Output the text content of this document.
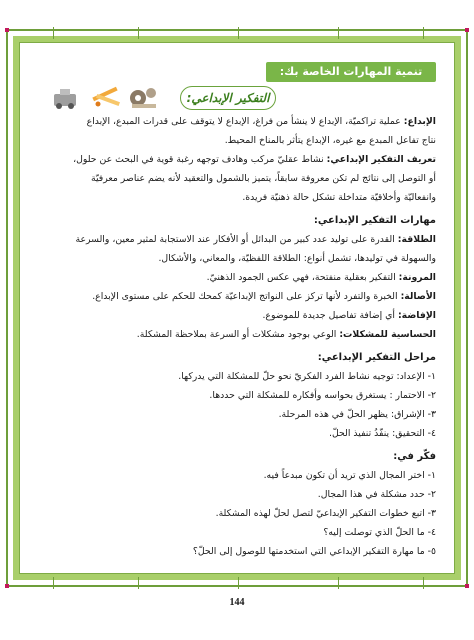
تنمية المهارات الخاصة بك:
التفكير الإبداعي:

الإبداع: عملية تراكميّة، الإبداع لا ينشأ من فراغ، الإبداع لا يتوقف على قدرات المبدع، الإبداع

نتاج تفاعل المبدع مع غيره، الإبداع يتأثر بالمناخ المحيط.

تعريف التفكير الإبداعي: نشاط عقليّ مركب وهادف توجهه رغبة قوية في البحث عن حلول،

أو التوصل إلى نتائج لم تكن معروفة سابقاً، يتميز بالشمول والتعقيد لأنه يضم عناصر معرفيّة

وانفعاليّة وأخلاقيّة متداخلة تشكل حالة ذهنيّة فريدة.

مهارات التفكير الإبداعي:

الطلاقة: القدرة على توليد عدد كبير من البدائل أو الأفكار عند الاستجابة لمثير معين، والسرعة

والسهولة في توليدها، تشمل أنواع: الطلاقة اللفظيّة، والمعاني، والأشكال.

المرونة: التفكير بعقلية منفتحة، فهي عكس الجمود الذهنيّ.

الأصالة: الخبرة والتفرد لأنها تركز على النواتج الإبداعيّة كمحك للحكم على مستوى الإبداع.

الإفاضة: أي إضافة تفاصيل جديدة للموضوع.

الحساسية للمشكلات: الوعي بوجود مشكلات أو السرعة بملاحظة المشكلة.

مراحل التفكير الإبداعي:

١- الإعداد: توجيه نشاط الفرد الفكريّ نحو حلّ للمشكلة التي يدركها.

٢- الاحتمار : يستغرق بحواسه وأفكاره للمشكلة التي حددها.

٣- الإشراق: يظهر الحلّ في هذه المرحلة.

٤- التحقيق: ينفّذُ تنفيذ الحلّ.

فكّر في:

١- اختر المجال الذي تريد أن تكون مبدعاً فيه.

٢- حدد مشكلة في هذا المجال.

٣- اتبع خطوات التفكير الإبداعيّ لتصل لحلّ لهذه المشكلة.

٤- ما الحلّ الذي توصلت إليه؟

٥- ما مهارة التفكير الإبداعي التي استخدمتها للوصول إلى الحلّ؟

144
